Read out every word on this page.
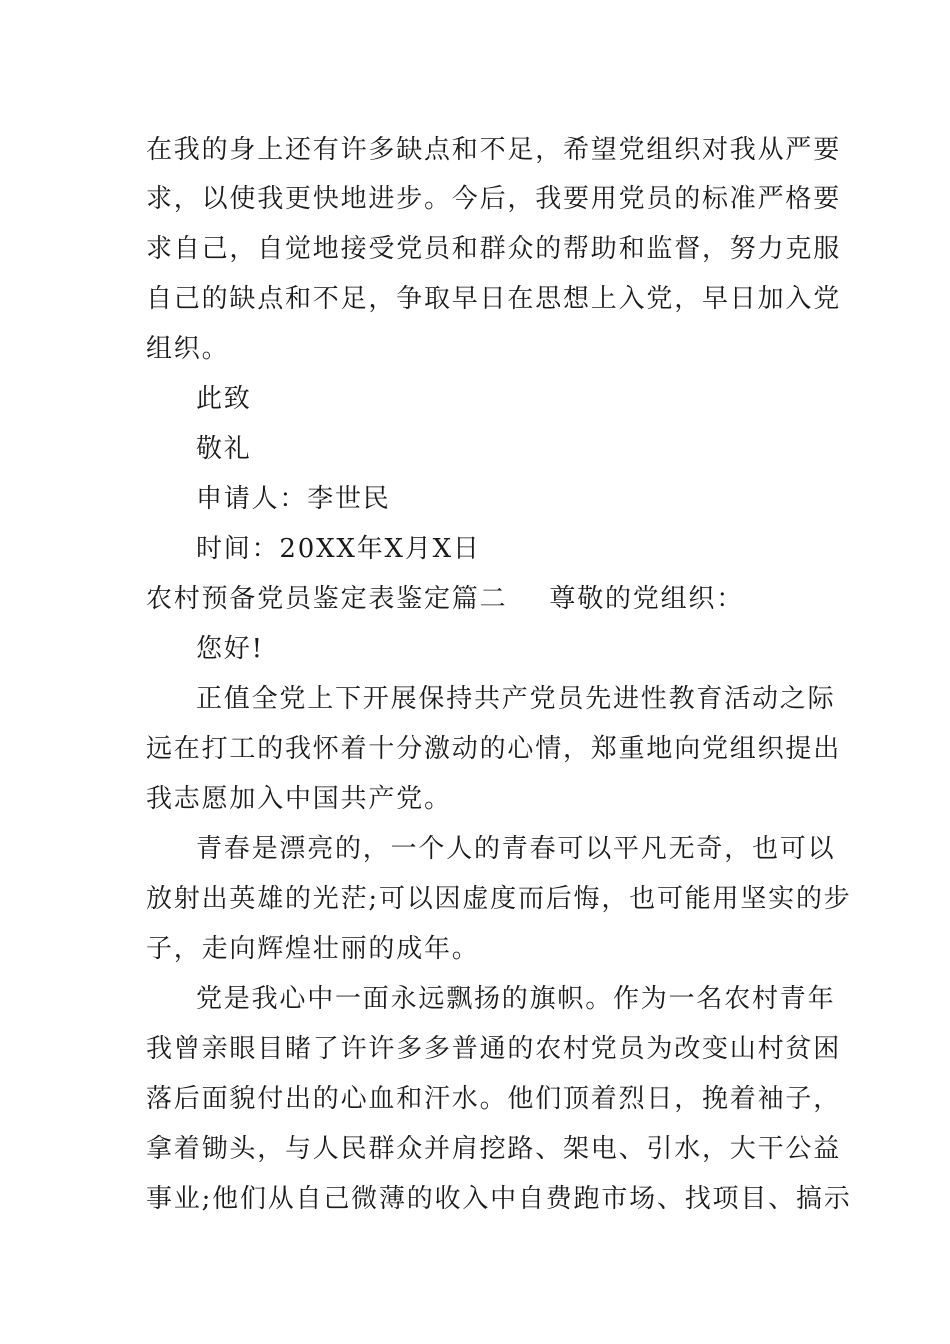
在我的身上还有许多缺点和不足，希望党组织对我从严要
求，以使我更快地进步。今后，我要用党员的标准严格要
求自己，自觉地接受党员和群众的帮助和监督，努力克服
自己的缺点和不足，争取早日在思想上入党，早日加入党
组织。
此致
敬礼
申请人：李世民
时间：20XX年X月X日
农村预备党员鉴定表鉴定篇二 尊敬的党组织：
您好!
正值全党上下开展保持共产党员先进性教育活动之际
远在打工的我怀着十分激动的心情，郑重地向党组织提出
我志愿加入中国共产党。
青春是漂亮的，一个人的青春可以平凡无奇，也可以
放射出英雄的光茫;可以因虚度而后悔，也可能用坚实的步
子，走向辉煌壮丽的成年。
党是我心中一面永远飘扬的旗帜。作为一名农村青年
我曾亲眼目睹了许许多多普通的农村党员为改变山村贫困
落后面貌付出的心血和汗水。他们顶着烈日，挽着袖子，
拿着锄头，与人民群众并肩挖路、架电、引水，大干公益
事业;他们从自己微薄的收入中自费跑市场、找项目、搞示
